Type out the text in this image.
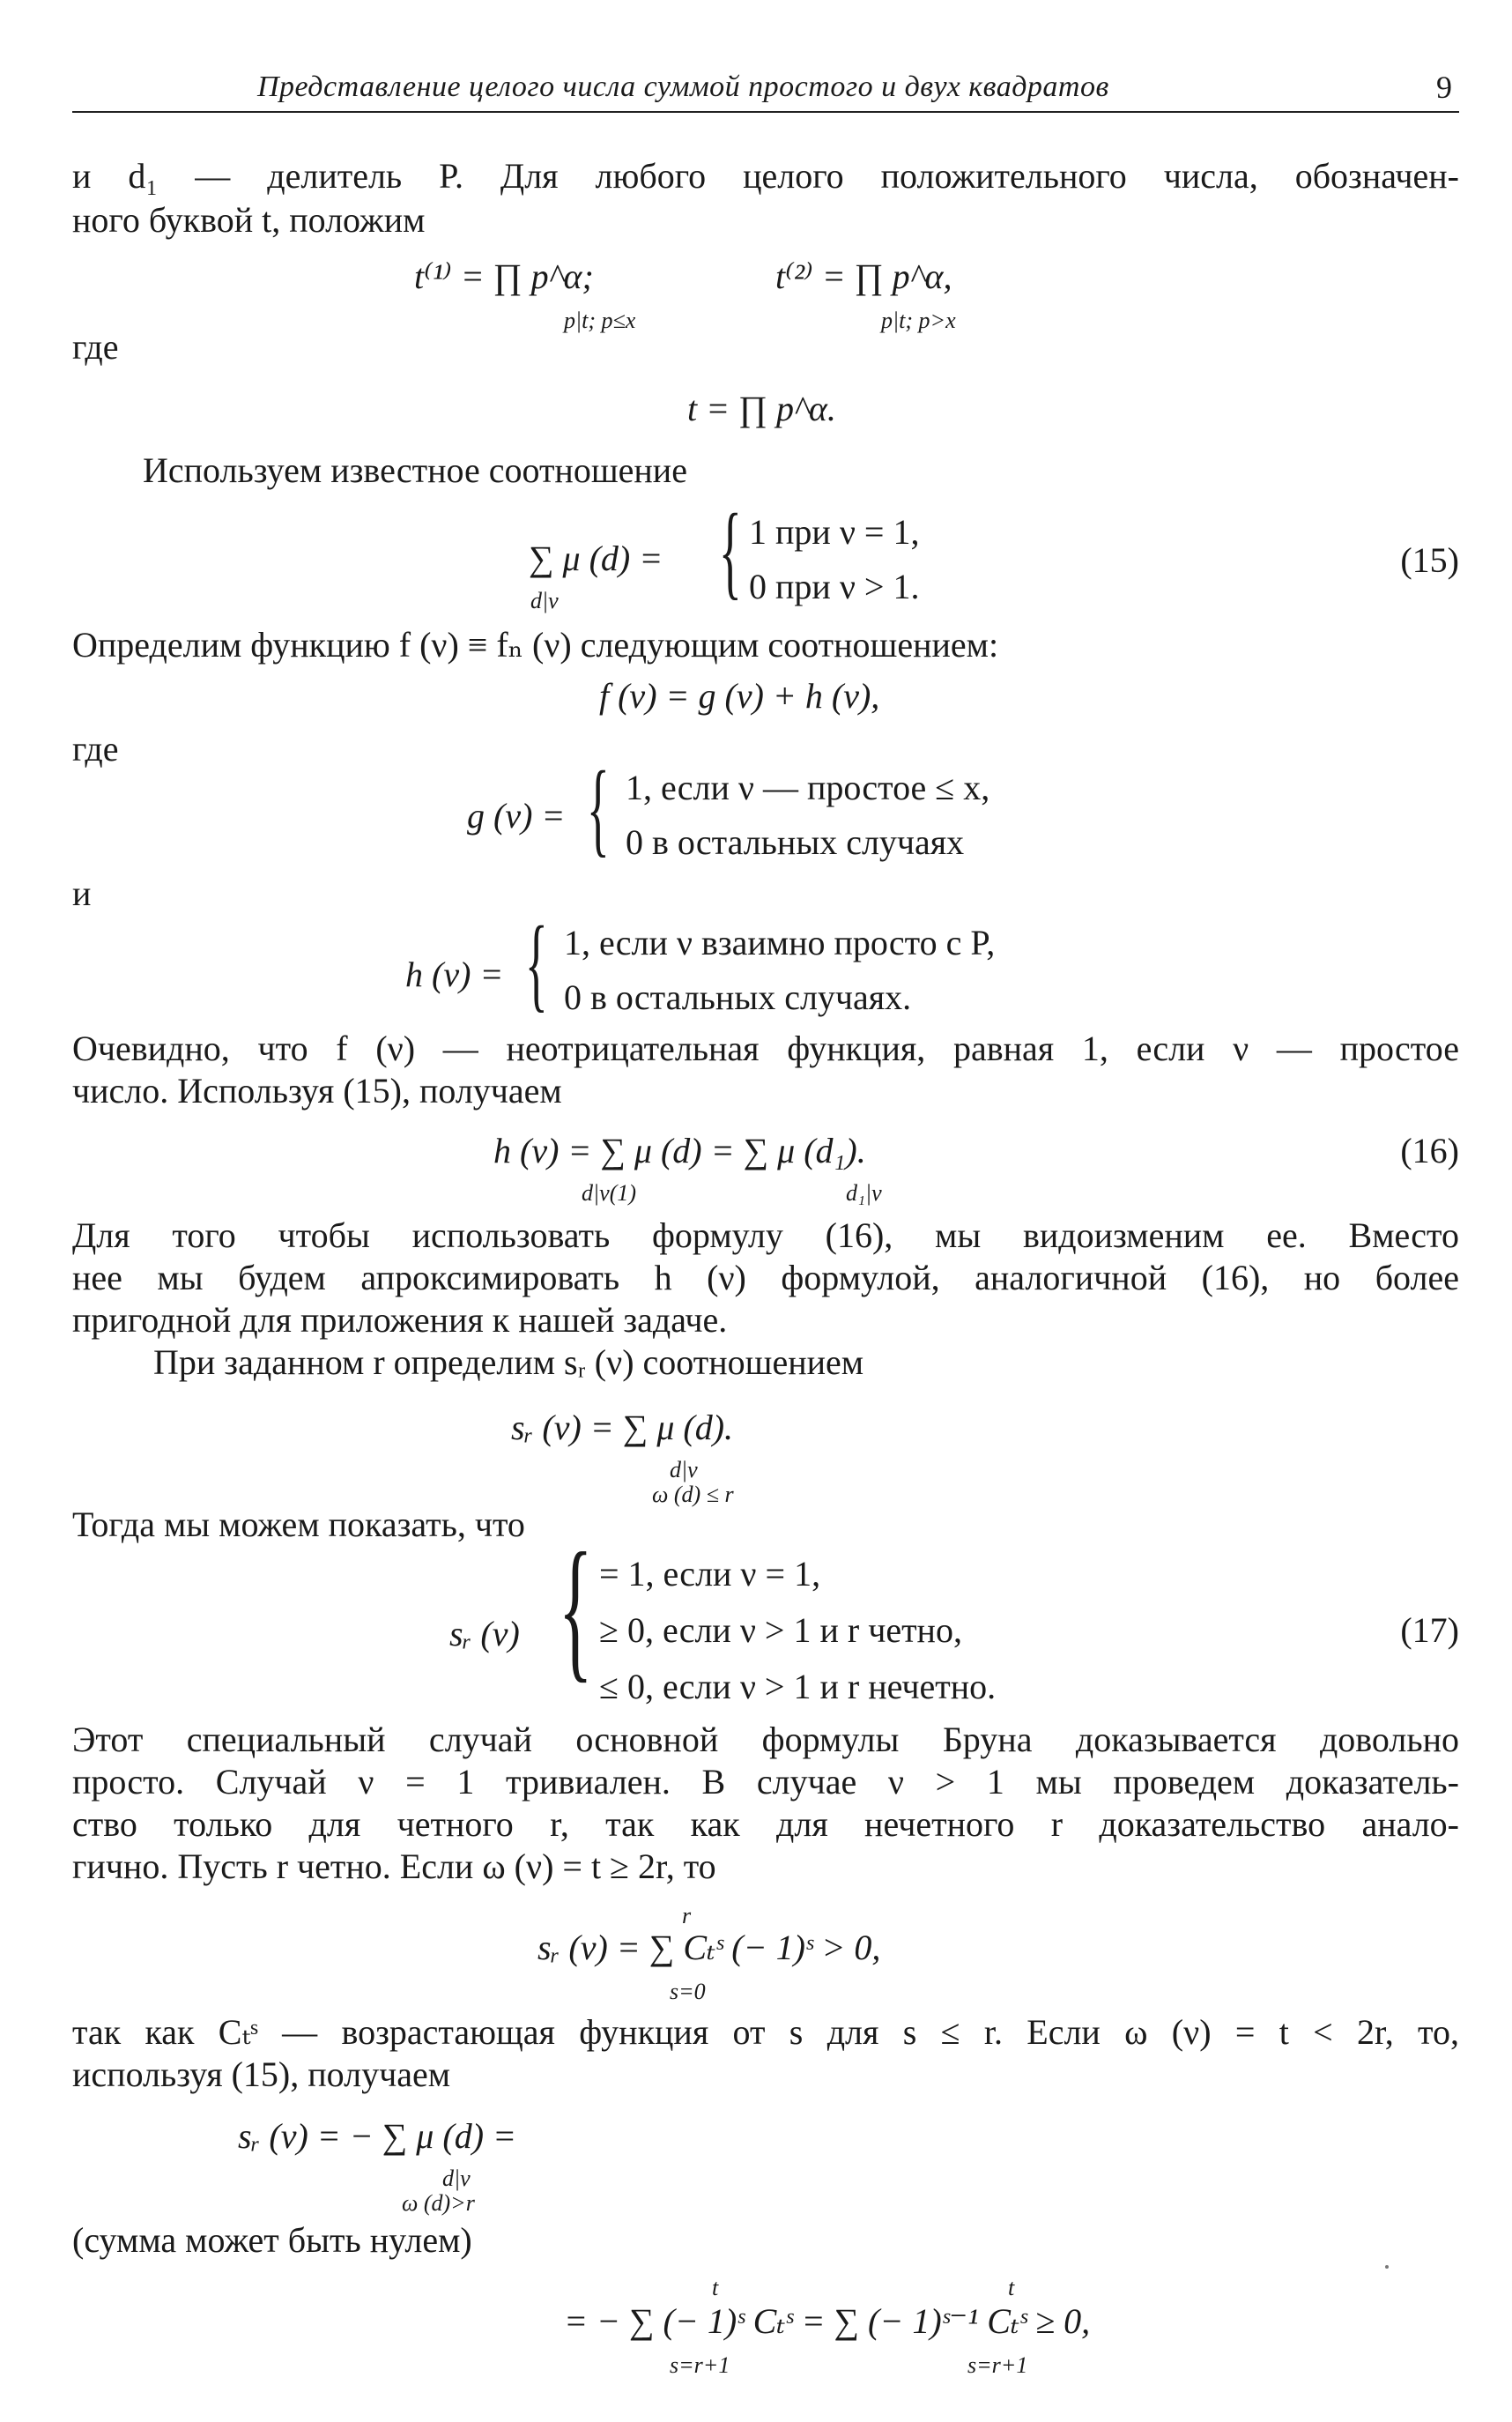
Представление целого числа суммой простого и двух квадратов	9
и d₁ — делитель P. Для любого целого положительного числа, обозначен-
ного буквой t, положим
t⁽¹⁾ = ∏ p^α;
p|t; p≤x
t⁽²⁾ = ∏ p^α,
p|t; p>x
где
t = ∏ p^α.
Используем известное соотношение
∑ μ (d) =
d|ν { 1 при ν = 1,
0 при ν > 1.
(15)
Определим функцию f (ν) ≡ fₙ (ν) следующим соотношением:
f (ν) = g (ν) + h (ν),
где
g (ν) = { 1, если ν — простое ≤ x,
0 в остальных случаях
и
h (ν) = { 1, если ν взаимно просто с P,
0 в остальных случаях.
Очевидно, что f (ν) — неотрицательная функция, равная 1, если ν — простое
число. Используя (15), получаем
h (ν) = ∑ μ (d) = ∑ μ (d₁).
d|ν(1)	d₁|ν
(16)
Для того чтобы использовать формулу (16), мы видоизменим ее. Вместо
нее мы будем апроксимировать h (ν) формулой, аналогичной (16), но более
пригодной для приложения к нашей задаче.
При заданном r определим sᵣ (ν) соотношением
sᵣ (ν) = ∑ μ (d).
d|ν
ω (d) ≤ r
Тогда мы можем показать, что
sᵣ (ν) { = 1, если ν = 1,
≥ 0, если ν > 1 и r четно,
≤ 0, если ν > 1 и r нечетно.
(17)
Этот специальный случай основной формулы Бруна доказывается довольно
просто. Случай ν = 1 тривиален. В случае ν > 1 мы проведем доказатель-
ство только для четного r, так как для нечетного r доказательство анало-
гично. Пусть r четно. Если ω (ν) = t ≥ 2r, то
r
sᵣ (ν) = ∑ Cₜˢ (− 1)ˢ > 0,
s=0
так как Cₜˢ — возрастающая функция от s для s ≤ r. Если ω (ν) = t < 2r, то,
используя (15), получаем
sᵣ (ν) = − ∑ μ (d) =
d|ν
ω (d)>r
(сумма может быть нулем)
t	t
= − ∑ (− 1)ˢ Cₜˢ = ∑ (− 1)ˢ⁻¹ Cₜˢ ≥ 0,
s=r+1	s=r+1
